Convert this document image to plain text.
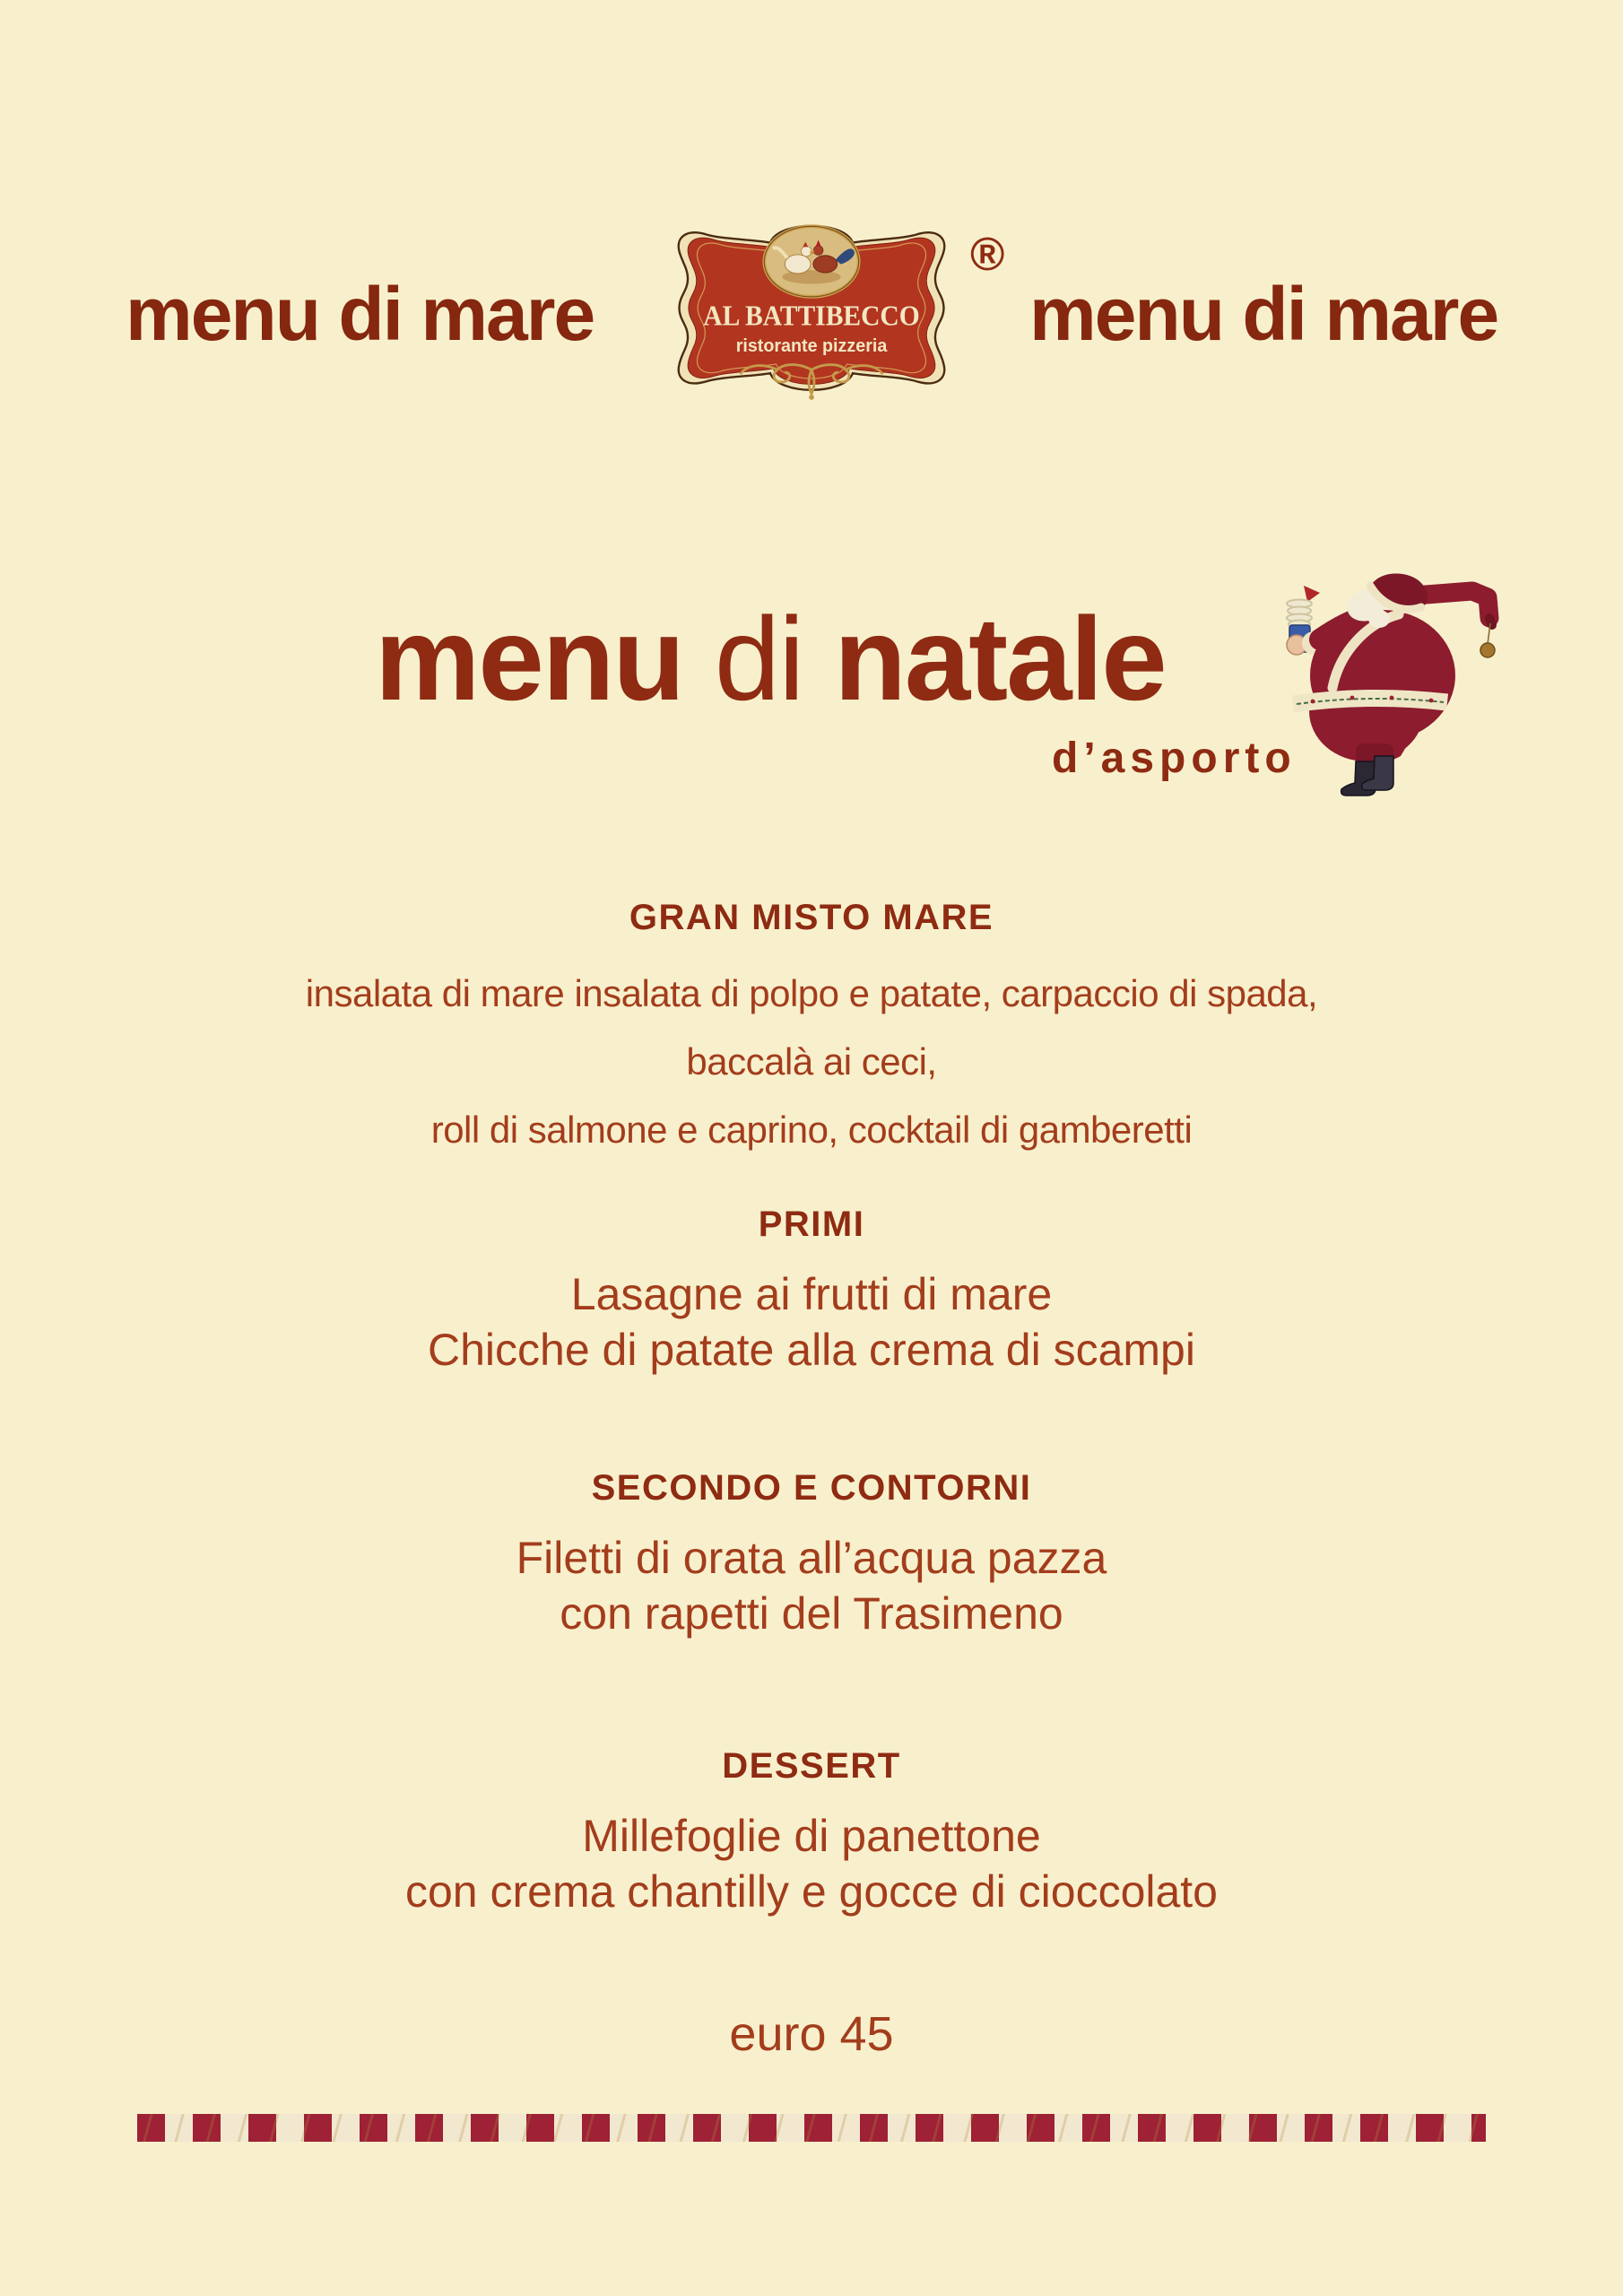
menu di mare	AL BATTIBECCO
ristorante pizzeria
®
menu di mare
menu di natale
d’asporto

GRAN MISTO MARE

insalata di mare insalata di polpo e patate, carpaccio di spada,

baccalà ai ceci,

roll di salmone e caprino, cocktail di gamberetti

PRIMI

Lasagne ai frutti di mare

Chicche di patate alla crema di scampi

SECONDO E CONTORNI

Filetti di orata all’acqua pazza

con rapetti del Trasimeno

DESSERT

Millefoglie di panettone

con crema chantilly e gocce di cioccolato

euro 45
